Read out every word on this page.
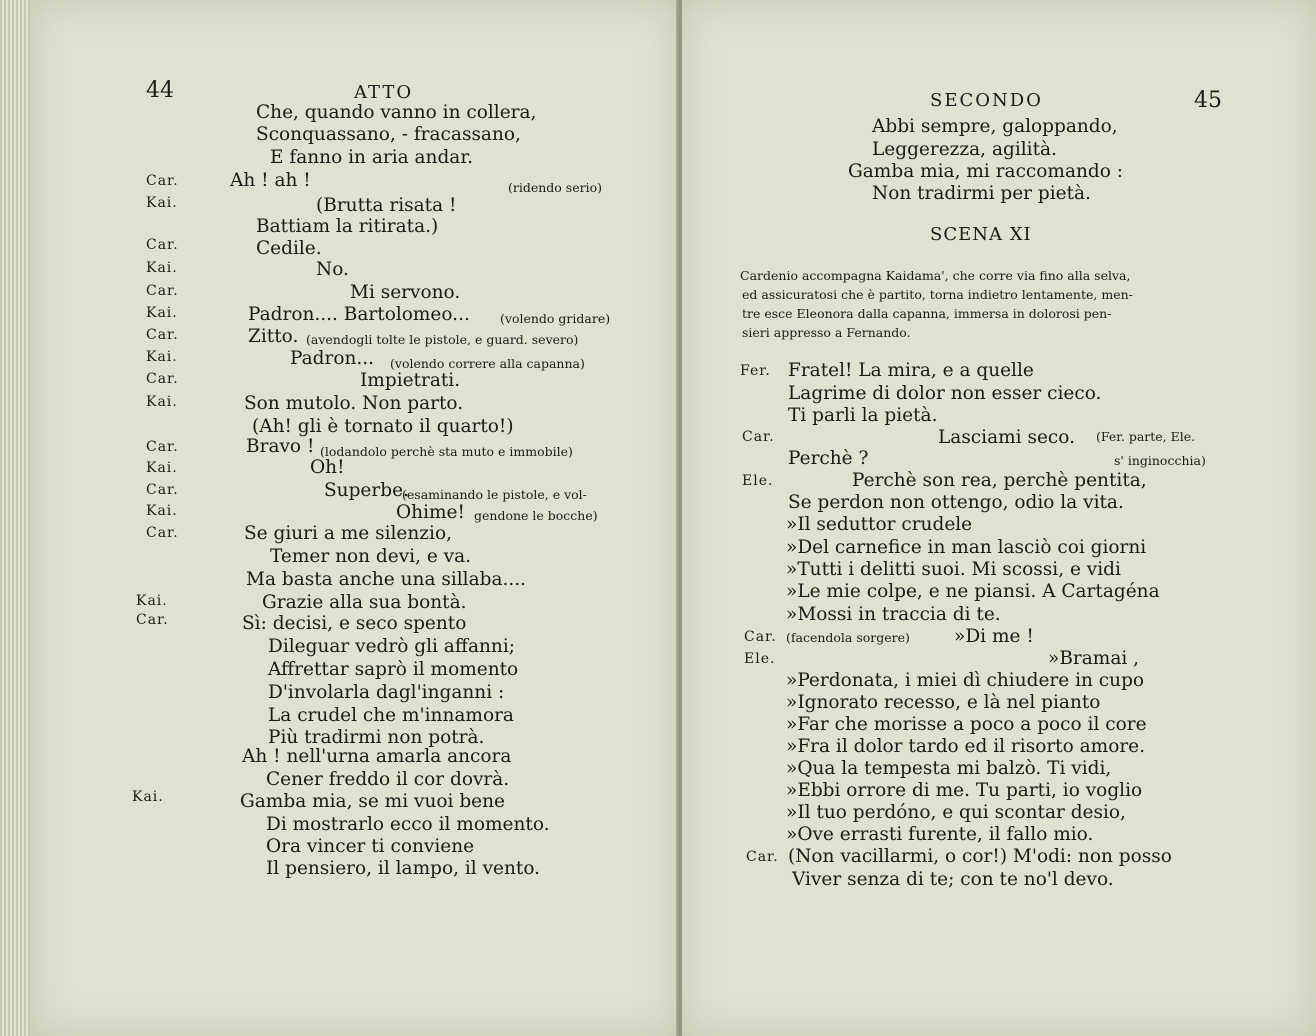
44	ATTO
Che, quando vanno in collera,
Sconquassano, - fracassano,
E fanno in aria andar.
Car.	Ah ! ah !	(ridendo serio)
Kai.	(Brutta risata !
Battiam la ritirata.)
Car.	Cedile.
Kai.	No.
Car.	Mi servono.
Kai.	Padron.... Bartolomeo... (volendo gridare)
Car.	Zitto. (avendogli tolte le pistole, e guard. severo)
Kai.	Padron... (volendo correre alla capanna)
Car.	Impietrati.
Kai.	Son mutolo. Non parto.
(Ah! gli è tornato il quarto!)
Car.	Bravo ! (lodandolo perchè sta muto e immobile)
Kai.	Oh!
Car.	Superbe.
(esaminando le pistole, e vol-
Kai.	Ohime! gendone le bocche)
Car.	Se giuri a me silenzio,
Temer non devi, e va.
Ma basta anche una sillaba....
Kai.	Grazie alla sua bontà.
Car.	Sì: decisi, e seco spento
Dileguar vedrò gli affanni;
Affrettar saprò il momento
D'involarla dagl'inganni :
La crudel che m'innamora
Più tradirmi non potrà.
Ah ! nell'urna amarla ancora
Cener freddo il cor dovrà.
Kai.	Gamba mia, se mi vuoi bene
Di mostrarlo ecco il momento.
Ora vincer ti conviene
Il pensiero, il lampo, il vento.
SECONDO	45
Abbi sempre, galoppando,
Leggerezza, agilità.
Gamba mia, mi raccomando :
Non tradirmi per pietà.
SCENA XI
Cardenio accompagna Kaidama', che corre via fino alla selva,
ed assicuratosi che è partito, torna indietro lentamente, men-
tre esce Eleonora dalla capanna, immersa in dolorosi pen-
sieri appresso a Fernando.
Fer. Fratel! La mira, e a quelle
Lagrime di dolor non esser cieco.
Ti parli la pietà.
Car.	Lasciami seco. (Fer. parte, Ele.
Perchè ?	s' inginocchia)
Ele.	Perchè son rea, perchè pentita,
Se perdon non ottengo, odio la vita.
»Il seduttor crudele
»Del carnefice in man lasciò coi giorni
»Tutti i delitti suoi. Mi scossi, e vidi
»Le mie colpe, e ne piansi. A Cartagéna
»Mossi in traccia di te.
Car. (facendola sorgere) »Di me !
Ele.	»Bramai ,
»Perdonata, i miei dì chiudere in cupo
»Ignorato recesso, e là nel pianto
»Far che morisse a poco a poco il core
»Fra il dolor tardo ed il risorto amore.
»Qua la tempesta mi balzò. Ti vidi,
»Ebbi orrore di me. Tu parti, io voglio
»Il tuo perdóno, e qui scontar desio,
»Ove errasti furente, il fallo mio.
Car. (Non vacillarmi, o cor!) M'odi: non posso
Viver senza di te; con te no'l devo.
